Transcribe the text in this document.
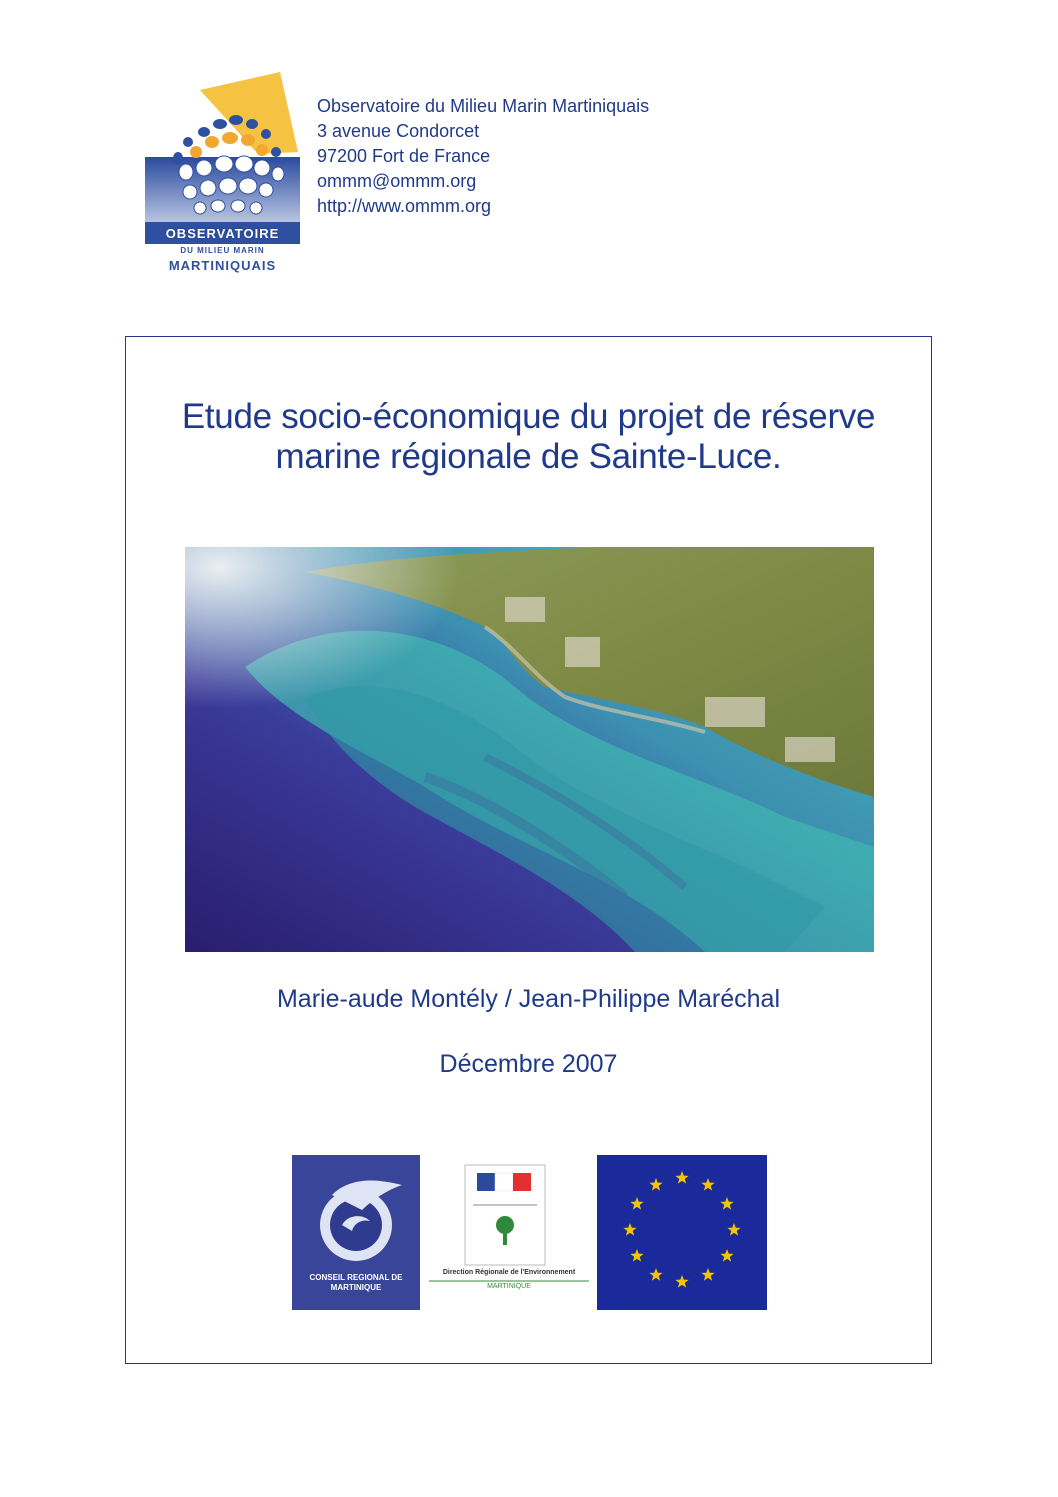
OBSERVATOIRE
DU MILIEU MARIN
MARTINIQUAIS
Observatoire du Milieu Marin Martiniquais
3 avenue Condorcet
97200 Fort de France
ommm@ommm.org
http://www.ommm.org
Etude socio-économique du projet de réserve
marine régionale de Sainte-Luce.
Marie-aude Montély / Jean-Philippe Maréchal
Décembre 2007
CONSEIL REGIONAL DE MARTINIQUE
Direction Régionale de l'Environnement
MARTINIQUE
